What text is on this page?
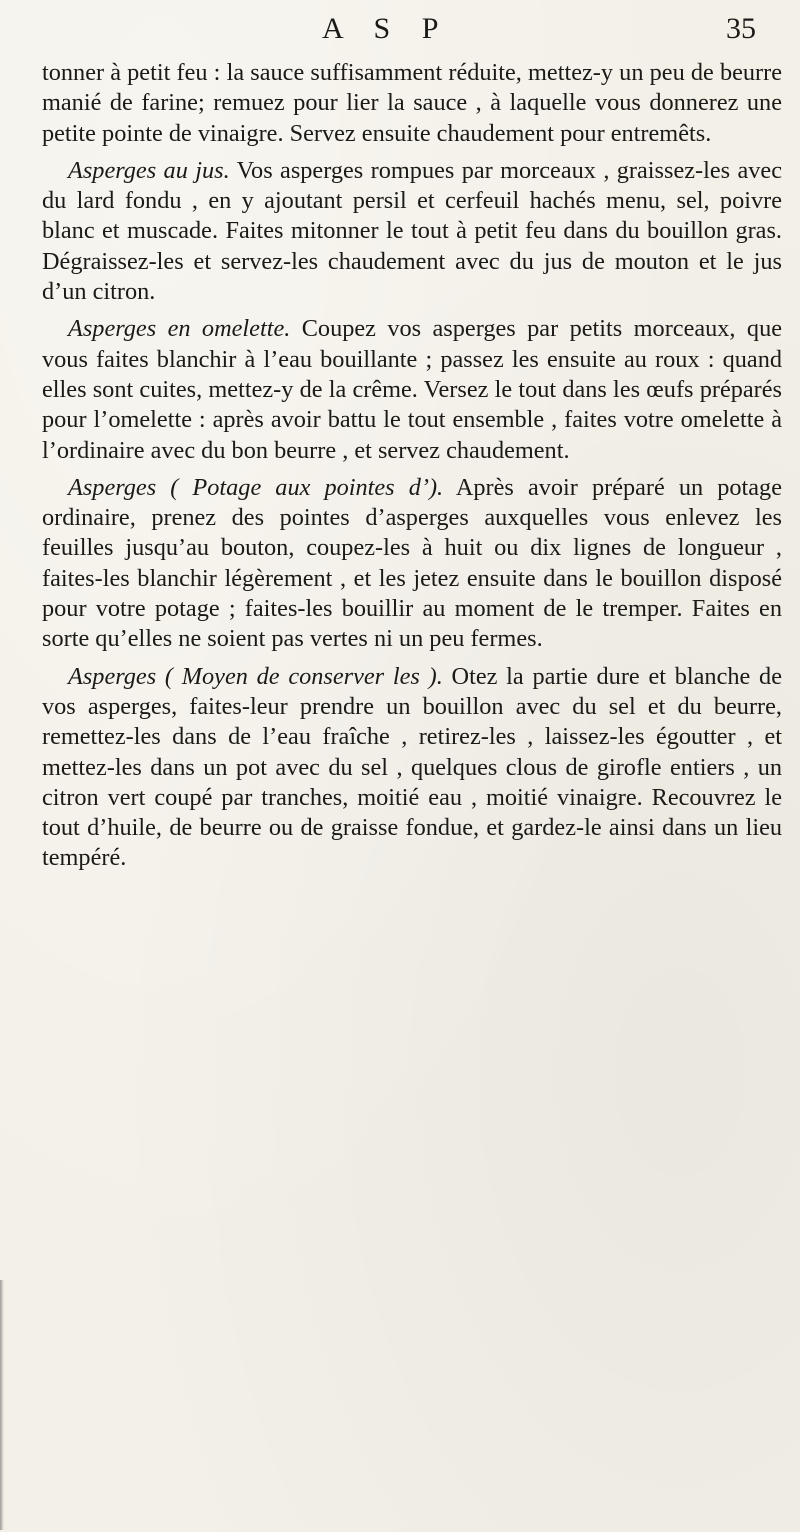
A S P	35

tonner à petit feu : la sauce suffisamment réduite, mettez-y un peu de beurre manié de farine; remuez pour lier la sauce , à laquelle vous donnerez une petite pointe de vinaigre. Servez ensuite chaudement pour entremêts.

Asperges au jus. Vos asperges rompues par morceaux , graissez-les avec du lard fondu , en y ajoutant persil et cerfeuil hachés menu, sel, poivre blanc et muscade. Faites mitonner le tout à petit feu dans du bouillon gras. Dégraissez-les et servez-les chaudement avec du jus de mouton et le jus d’un citron.

Asperges en omelette. Coupez vos asperges par petits morceaux, que vous faites blanchir à l’eau bouillante ; passez les ensuite au roux : quand elles sont cuites, mettez-y de la crême. Versez le tout dans les œufs préparés pour l’omelette : après avoir battu le tout ensemble , faites votre omelette à l’ordinaire avec du bon beurre , et servez chaudement.

Asperges ( Potage aux pointes d’). Après avoir préparé un potage ordinaire, prenez des pointes d’asperges auxquelles vous enlevez les feuilles jusqu’au bouton, coupez-les à huit ou dix lignes de longueur , faites-les blanchir légèrement , et les jetez ensuite dans le bouillon disposé pour votre potage ; faites-les bouillir au moment de le tremper. Faites en sorte qu’elles ne soient pas vertes ni un peu fermes.

Asperges ( Moyen de conserver les ). Otez la partie dure et blanche de vos asperges, faites-leur prendre un bouillon avec du sel et du beurre, remettez-les dans de l’eau fraîche , retirez-les , laissez-les égoutter , et mettez-les dans un pot avec du sel , quelques clous de girofle entiers , un citron vert coupé par tranches, moitié eau , moitié vinaigre. Recouvrez le tout d’huile, de beurre ou de graisse fondue, et gardez-le ainsi dans un lieu tempéré.
